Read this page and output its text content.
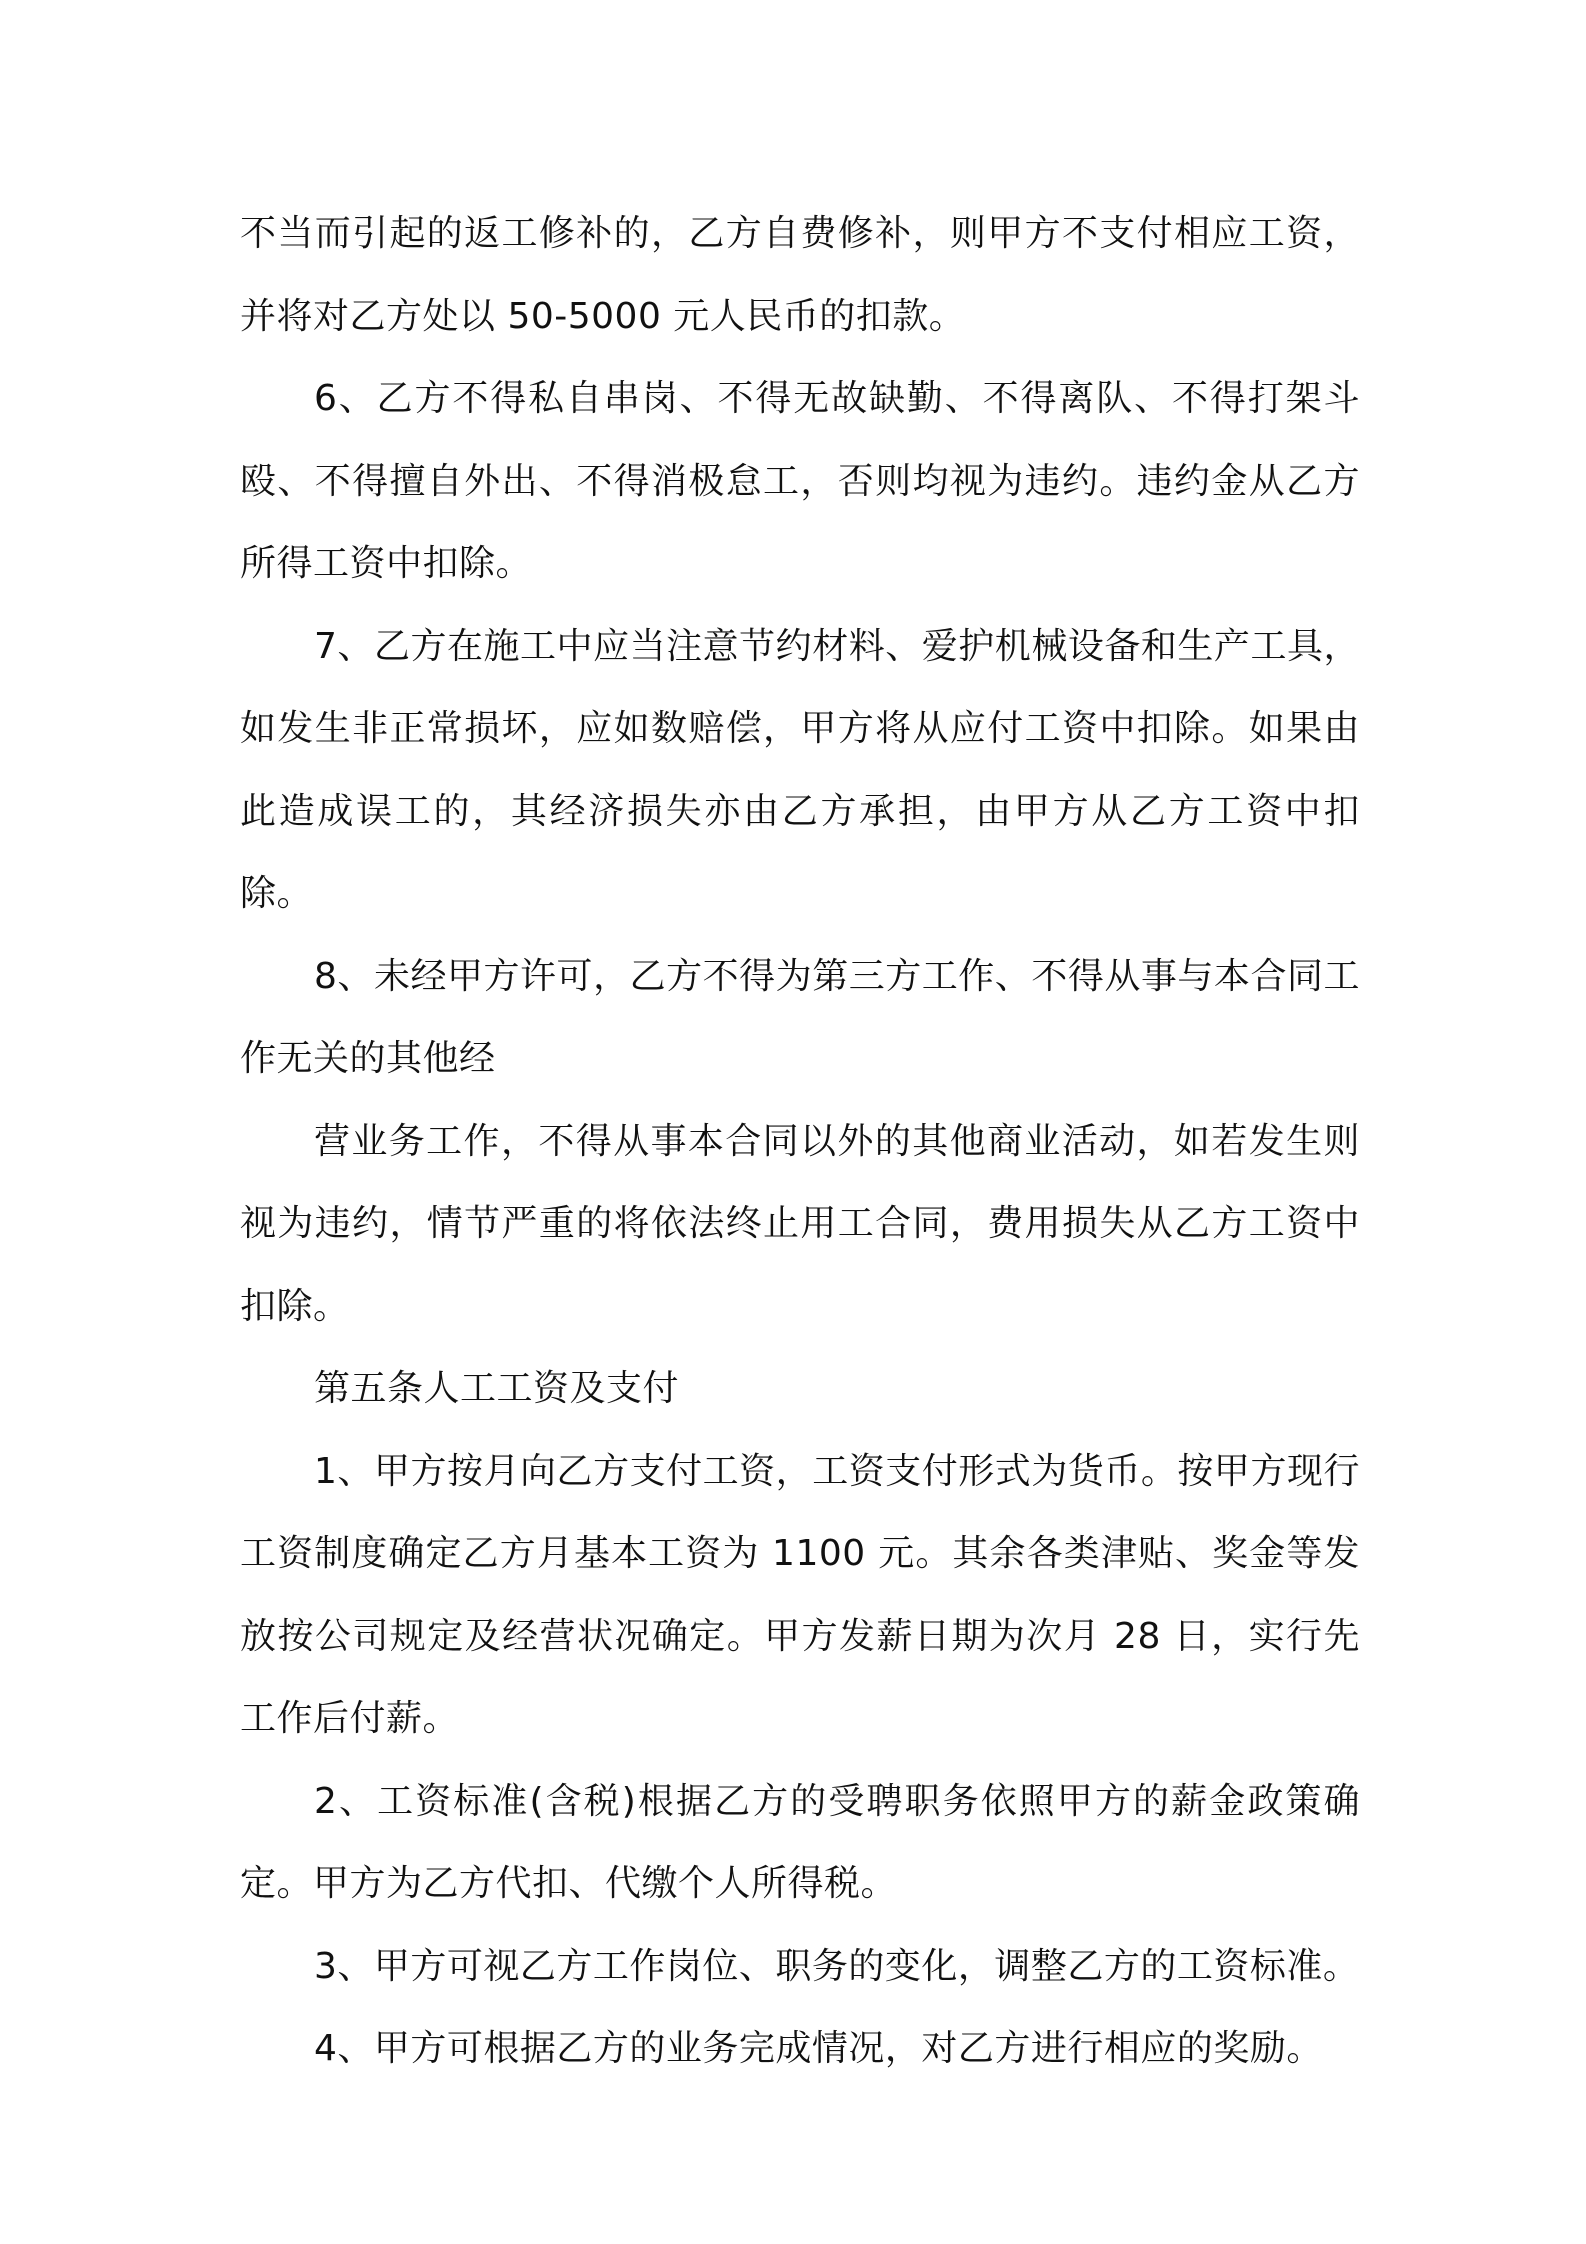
不当而引起的返工修补的，乙方自费修补，则甲方不支付相应工资，并将对乙方处以 50-5000 元人民币的扣款。

6、乙方不得私自串岗、不得无故缺勤、不得离队、不得打架斗殴、不得擅自外出、不得消极怠工，否则均视为违约。违约金从乙方所得工资中扣除。

7、乙方在施工中应当注意节约材料、爱护机械设备和生产工具，如发生非正常损坏，应如数赔偿，甲方将从应付工资中扣除。如果由此造成误工的，其经济损失亦由乙方承担，由甲方从乙方工资中扣除。

8、未经甲方许可，乙方不得为第三方工作、不得从事与本合同工作无关的其他经

营业务工作，不得从事本合同以外的其他商业活动，如若发生则视为违约，情节严重的将依法终止用工合同，费用损失从乙方工资中扣除。

第五条人工工资及支付

1、甲方按月向乙方支付工资，工资支付形式为货币。按甲方现行工资制度确定乙方月基本工资为 1100 元。其余各类津贴、奖金等发放按公司规定及经营状况确定。甲方发薪日期为次月 28 日，实行先工作后付薪。

2、工资标准(含税)根据乙方的受聘职务依照甲方的薪金政策确定。甲方为乙方代扣、代缴个人所得税。

3、甲方可视乙方工作岗位、职务的变化，调整乙方的工资标准。

4、甲方可根据乙方的业务完成情况，对乙方进行相应的奖励。
